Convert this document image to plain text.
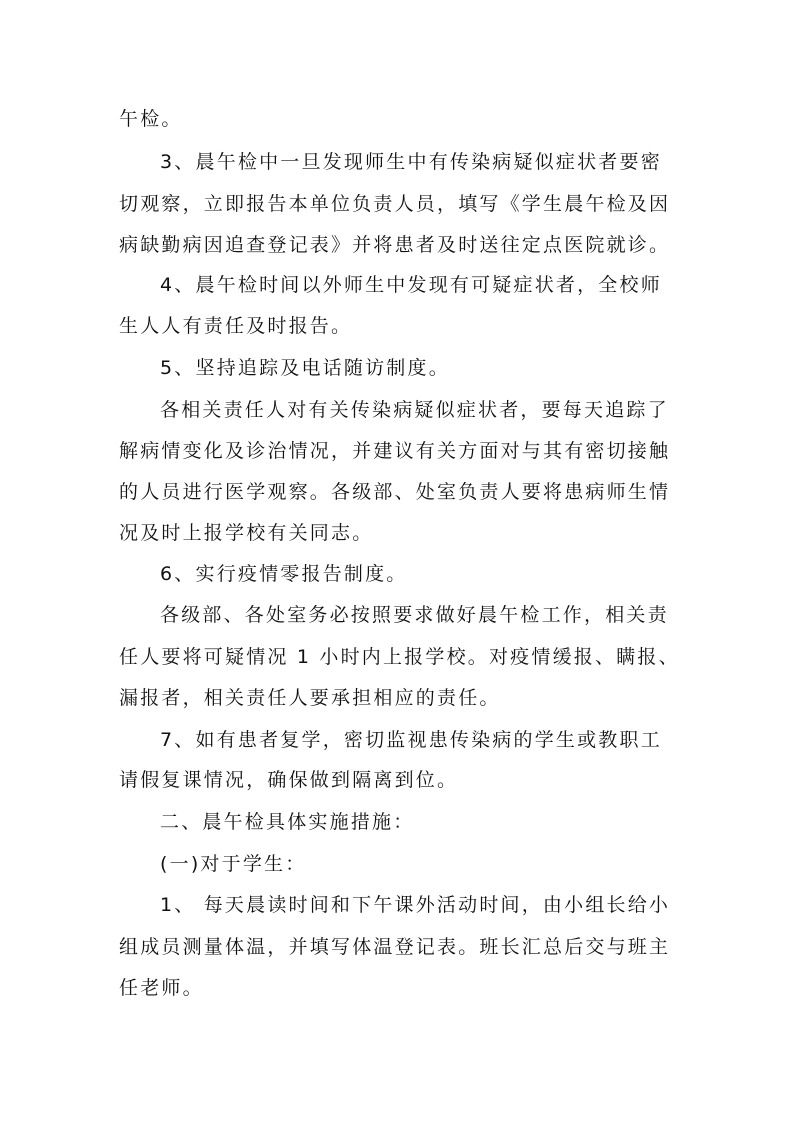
午检。
3、晨午检中一旦发现师生中有传染病疑似症状者要密
切观察，立即报告本单位负责人员，填写《学生晨午检及因
病缺勤病因追查登记表》并将患者及时送往定点医院就诊。
4、晨午检时间以外师生中发现有可疑症状者，全校师
生人人有责任及时报告。
5、坚持追踪及电话随访制度。
各相关责任人对有关传染病疑似症状者，要每天追踪了
解病情变化及诊治情况，并建议有关方面对与其有密切接触
的人员进行医学观察。各级部、处室负责人要将患病师生情
况及时上报学校有关同志。
6、实行疫情零报告制度。
各级部、各处室务必按照要求做好晨午检工作，相关责
任人要将可疑情况 1 小时内上报学校。对疫情缓报、瞒报、
漏报者，相关责任人要承担相应的责任。
7、如有患者复学，密切监视患传染病的学生或教职工
请假复课情况，确保做到隔离到位。
二、晨午检具体实施措施：
(一)对于学生：
1、 每天晨读时间和下午课外活动时间，由小组长给小
组成员测量体温，并填写体温登记表。班长汇总后交与班主
任老师。
